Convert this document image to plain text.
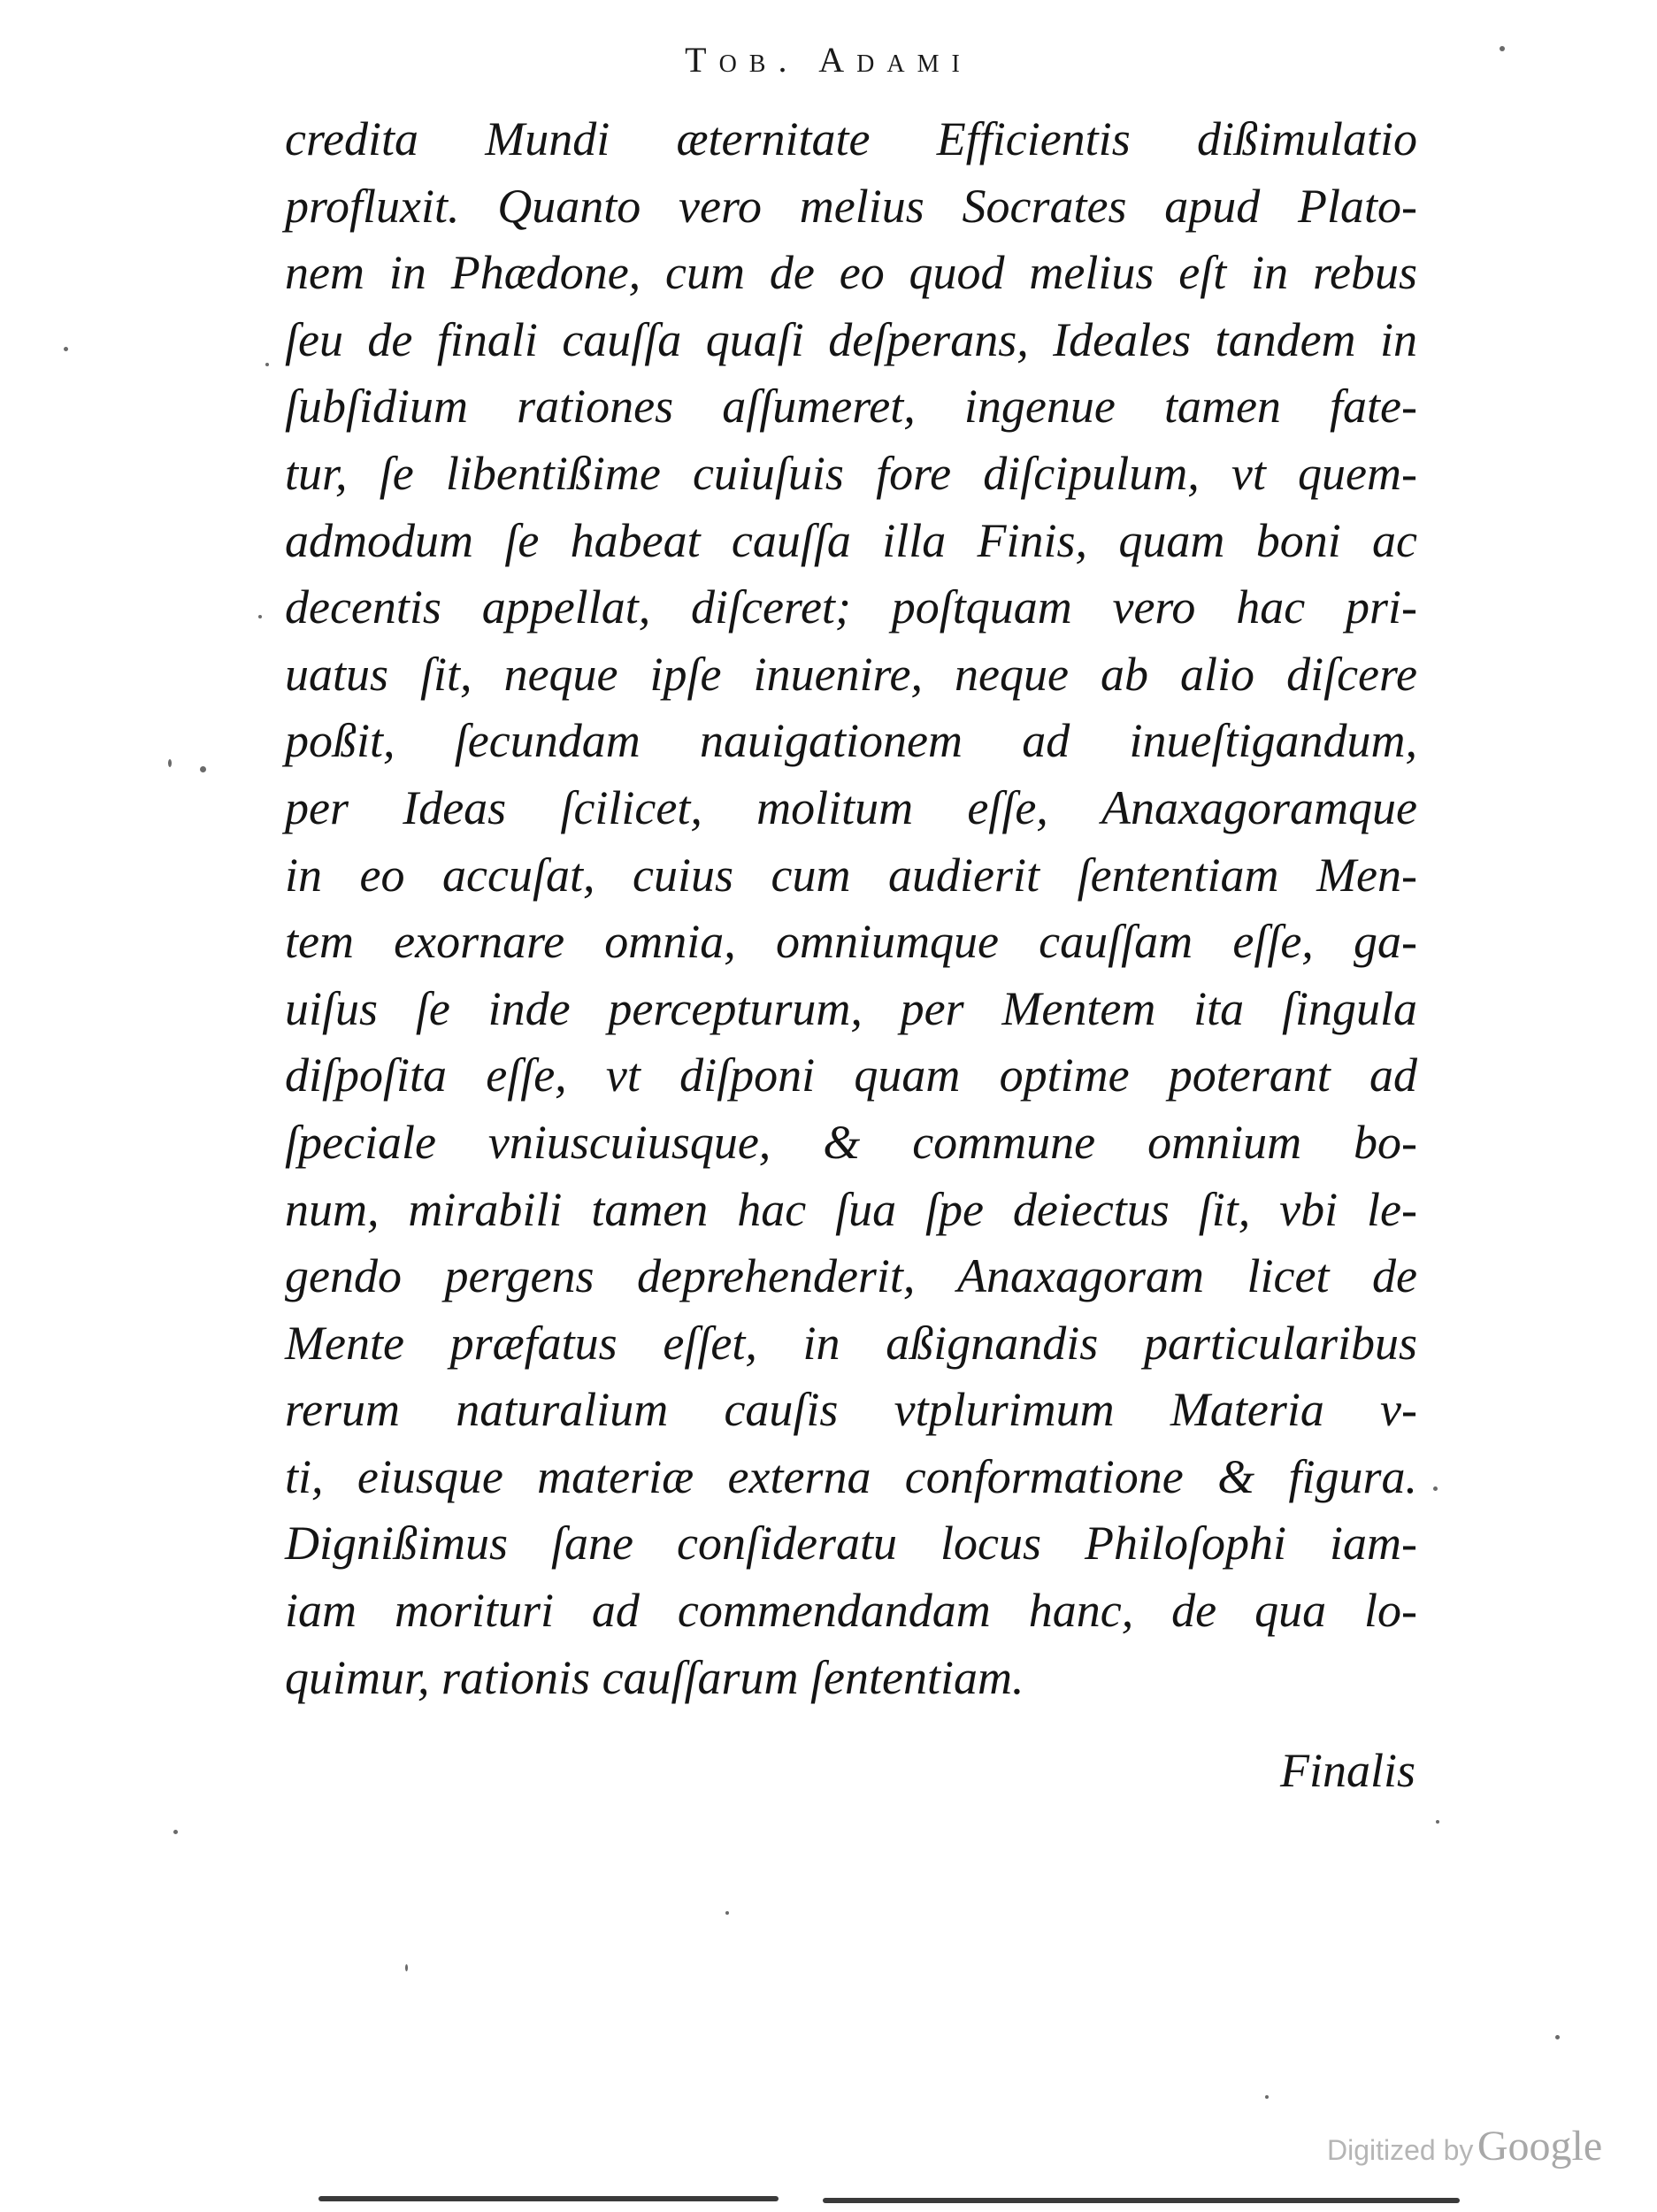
Tob. Adami
credita Mundi æternitate Efficientis dißimulatio
profluxit. Quanto vero melius Socrates apud Plato-
nem in Phædone, cum de eo quod melius eſt in rebus
ſeu de finali cauſſa quaſi deſperans, Ideales tandem in
ſubſidium rationes aſſumeret, ingenue tamen fate-
tur, ſe libentißime cuiuſuis fore diſcipulum, vt quem-
admodum ſe habeat cauſſa illa Finis, quam boni ac
decentis appellat, diſceret; poſtquam vero hac pri-
uatus ſit, neque ipſe inuenire, neque ab alio diſcere
poßit, ſecundam nauigationem ad inueſtigandum,
per Ideas ſcilicet, molitum eſſe, Anaxagoramque
in eo accuſat, cuius cum audierit ſententiam Men-
tem exornare omnia, omniumque cauſſam eſſe, ga-
uiſus ſe inde percepturum, per Mentem ita ſingula
diſpoſita eſſe, vt diſponi quam optime poterant ad
ſpeciale vniuscuiusque, & commune omnium bo-
num, mirabili tamen hac ſua ſpe deiectus ſit, vbi le-
gendo pergens deprehenderit, Anaxagoram licet de
Mente præfatus eſſet, in aßignandis particularibus
rerum naturalium cauſis vtplurimum Materia v-
ti, eiusque materiæ externa conformatione & figura.
Dignißimus ſane conſideratu locus Philoſophi iam-
iam morituri ad commendandam hanc, de qua lo-
quimur, rationis cauſſarum ſententiam.
Finalis
Digitized by Google
